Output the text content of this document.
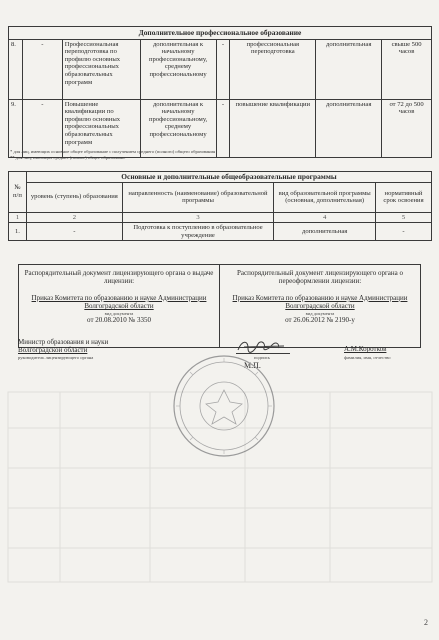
Дополнительное профессиональное образование							
8.	-	Профессиональная переподготовка по профилю основных профессиональных образовательных программ	дополнительная к начальному профессиональному, среднему профессиональному	-	профессиональная переподготовка	дополнительная	свыше 500 часов
9.	-	Повышение квалификации по профилю основных профессиональных образовательных программ	дополнительная к начальному профессиональному, среднему профессиональному	-	повышение квалификации	дополнительная	от 72 до 500 часов
* для лиц, имеющих основное общее образование с получением среднего (полного) общего образования
** для лиц, имеющих среднее (полное) общее образование
№ п/п	Основные и дополнительные общеобразовательные программы			
	уровень (ступень) образования	направленность (наименование) образовательной программы	вид образовательной программы (основная, дополнительная)	нормативный срок освоения
1	2	3	4	5
1.	-	Подготовка к поступлению в образовательное учреждение	дополнительная	-
Распорядительный документ лицензирующего органа о выдаче лицензии:
Приказ Комитета по образованию и науке Администрации Волгоградской области
вид документа
от 20.08.2010 № 3350
Распорядительный документ лицензирующего органа о переоформлении лицензии:
Приказ Комитета по образованию и науке Администрации Волгоградской области
вид документа
от 26.06.2012 № 2190-у
Министр образования и науки
Волгоградской области
руководитель лицензирующего органа	подпись
А.М.Коротков
фамилия, имя, отчество
М.П.
2
